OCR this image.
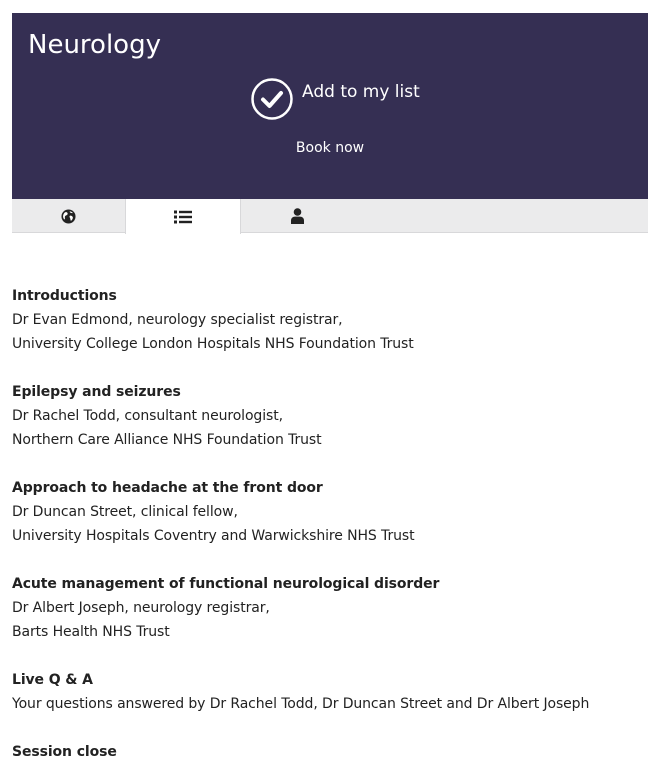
Neurology
Add to my list
Book now
Introductions
Dr Evan Edmond, neurology specialist registrar,
University College London Hospitals NHS Foundation Trust
Epilepsy and seizures
Dr Rachel Todd, consultant neurologist,
Northern Care Alliance NHS Foundation Trust
Approach to headache at the front door
Dr Duncan Street, clinical fellow,
University Hospitals Coventry and Warwickshire NHS Trust
Acute management of functional neurological disorder
Dr Albert Joseph, neurology registrar,
Barts Health NHS Trust
Live Q & A
Your questions answered by Dr Rachel Todd, Dr Duncan Street and Dr Albert Joseph
Session close
